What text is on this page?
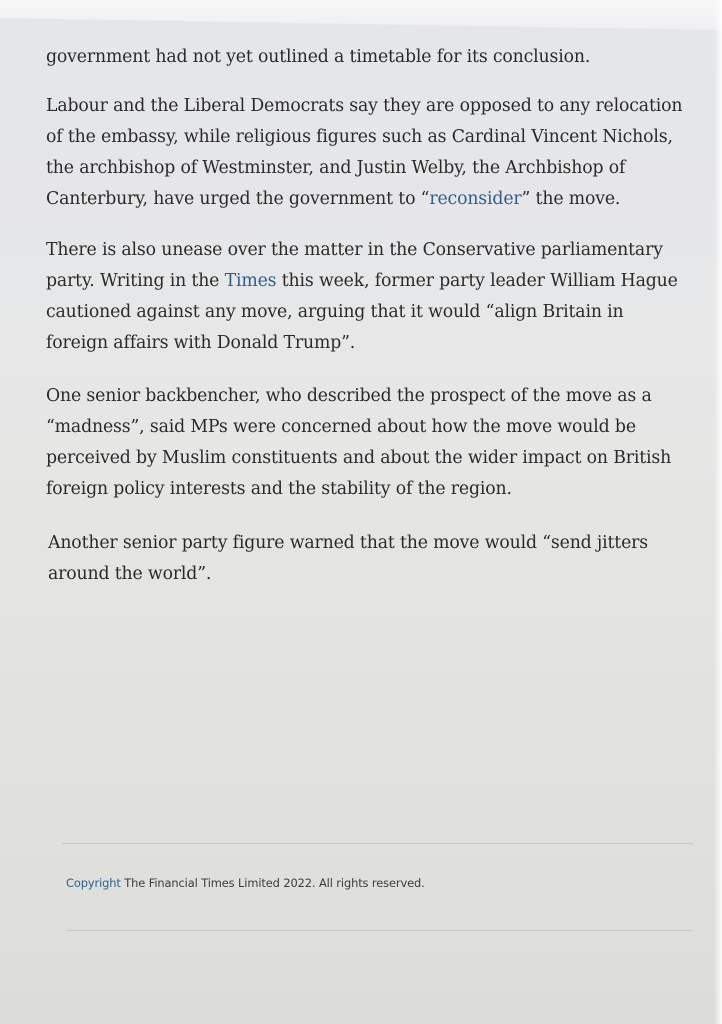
government had not yet outlined a timetable for its conclusion.
Labour and the Liberal Democrats say they are opposed to any relocation
of the embassy, while religious figures such as Cardinal Vincent Nichols,
the archbishop of Westminster, and Justin Welby, the Archbishop of
Canterbury, have urged the government to “reconsider” the move.
There is also unease over the matter in the Conservative parliamentary
party. Writing in the Times this week, former party leader William Hague
cautioned against any move, arguing that it would “align Britain in
foreign affairs with Donald Trump”.
One senior backbencher, who described the prospect of the move as a
“madness”, said MPs were concerned about how the move would be
perceived by Muslim constituents and about the wider impact on British
foreign policy interests and the stability of the region.
Another senior party figure warned that the move would “send jitters
around the world”.
Copyright The Financial Times Limited 2022. All rights reserved.
